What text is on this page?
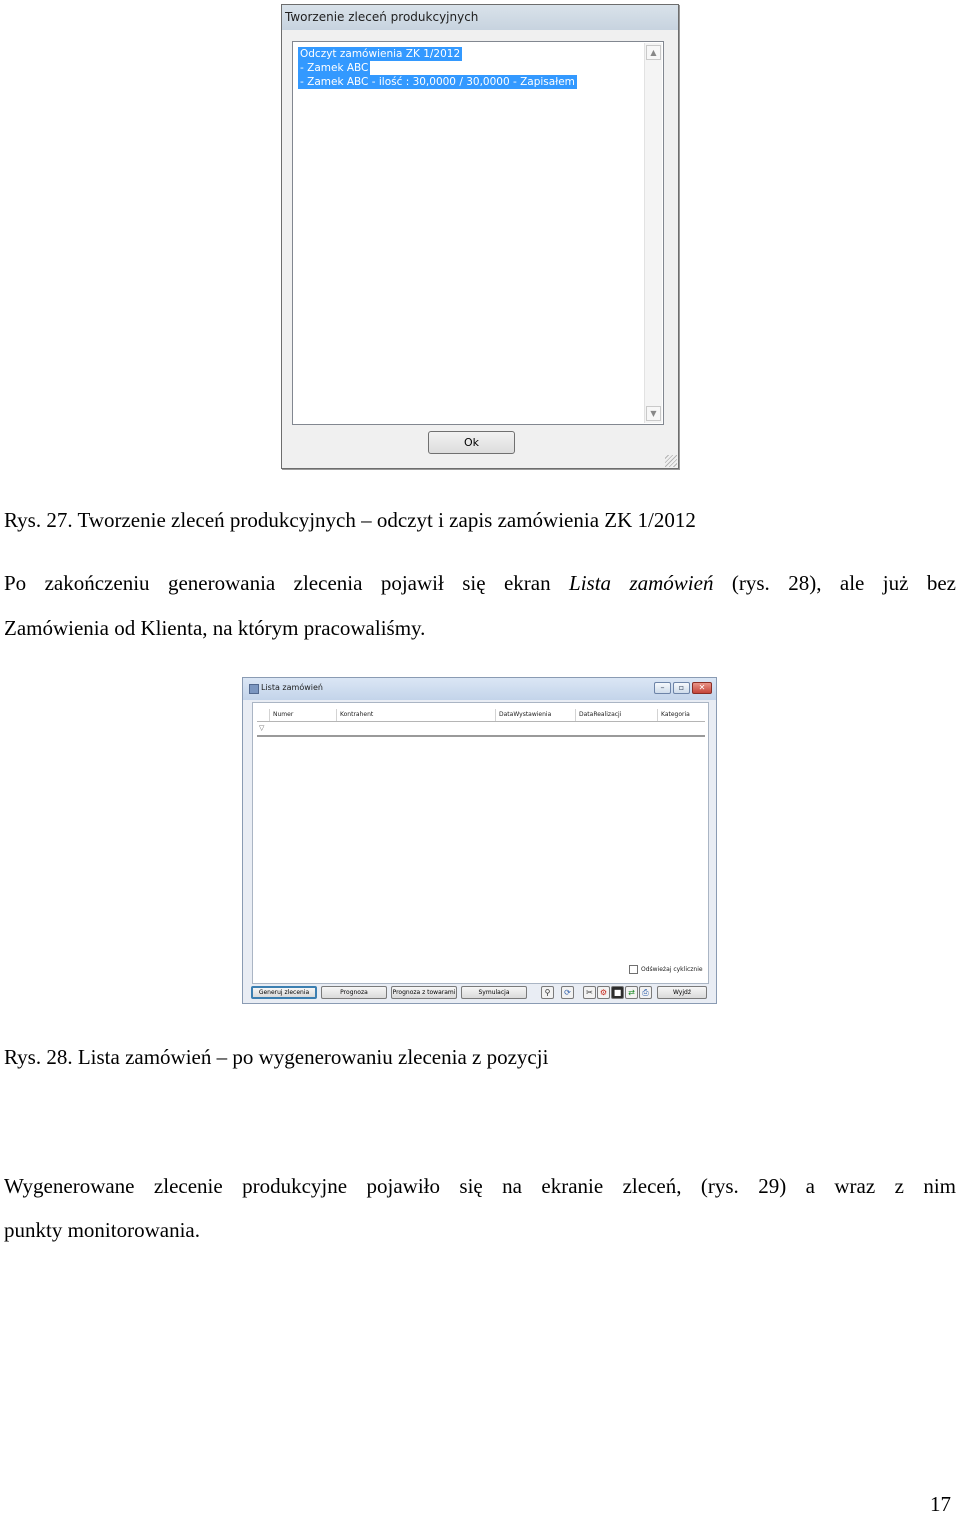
Tworzenie zleceń produkcyjnych
Odczyt zamówienia ZK 1/2012
- Zamek ABC
- Zamek ABC - ilość : 30,0000 / 30,0000 - Zapisałem
▲
▼
Ok
Rys. 27. Tworzenie zleceń produkcyjnych – odczyt i zapis zamówienia ZK 1/2012
Po zakończeniu generowania zlecenia pojawił się ekran Lista zamówień (rys. 28), ale już bez
Zamówienia od Klienta, na którym pracowaliśmy.
Lista zamówień	–	▫	✕
Numer	Kontrahent	DataWystawienia	DataRealizacji	Kategoria
▽
Odświeżaj cyklicznie
Generuj zlecenia	Prognoza	Prognoza z towarami	Symulacja	⚲	⟳	✂ ⚙ ■ ⇄ ⎙	Wyjdź
Rys. 28. Lista zamówień – po wygenerowaniu zlecenia z pozycji
Wygenerowane zlecenie produkcyjne pojawiło się na ekranie zleceń, (rys. 29) a wraz z nim
punkty monitorowania.
17
